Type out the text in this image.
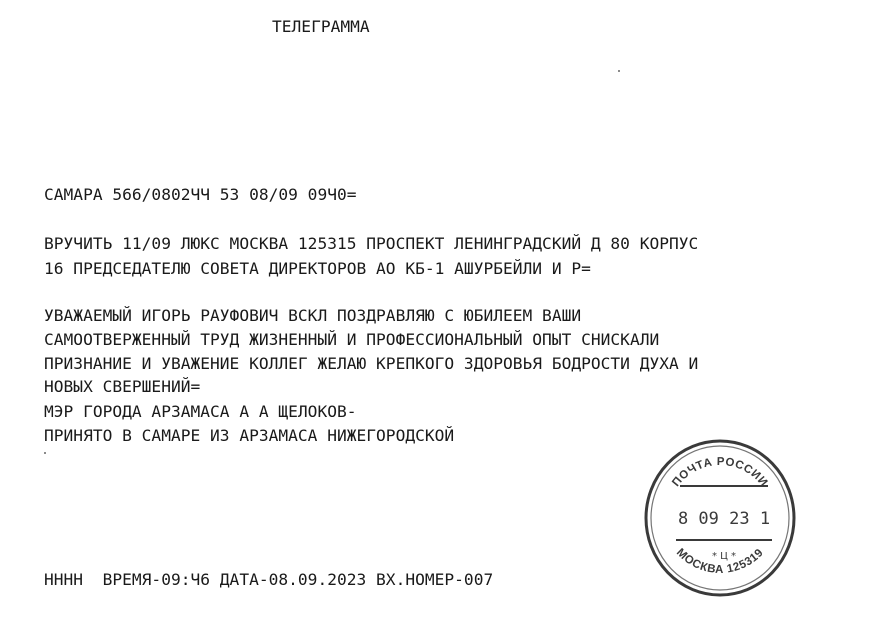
ТЕЛЕГРАММА
САМАРА 566/0802ЧЧ 53 08/09 09Ч0=
ВРУЧИТЬ 11/09 ЛЮКС МОСКВА 125315 ПРОСПЕКТ ЛЕНИНГРАДСКИЙ Д 80 КОРПУС
16 ПРЕДСЕДАТЕЛЮ СОВЕТА ДИРЕКТОРОВ АО КБ-1 АШУРБЕЙЛИ И Р=
УВАЖАЕМЫЙ ИГОРЬ РАУФОВИЧ ВСКЛ ПОЗДРАВЛЯЮ С ЮБИЛЕЕМ ВАШИ
САМООТВЕРЖЕННЫЙ ТРУД ЖИЗНЕННЫЙ И ПРОФЕССИОНАЛЬНЫЙ ОПЫТ СНИСКАЛИ
ПРИЗНАНИЕ И УВАЖЕНИЕ КОЛЛЕГ ЖЕЛАЮ КРЕПКОГО ЗДОРОВЬЯ БОДРОСТИ ДУХА И
НОВЫХ СВЕРШЕНИЙ=
МЭР ГОРОДА АРЗАМАСА А А ЩЕЛОКОВ-
ПРИНЯТО В САМАРЕ ИЗ АРЗАМАСА НИЖЕГОРОДСКОЙ
НННН  ВРЕМЯ-09:Ч6 ДАТА-08.09.2023 ВХ.НОМЕР-007
ПОЧТА РОССИИ
МОСКВА 125319
8 09 23 1
* Ц *
